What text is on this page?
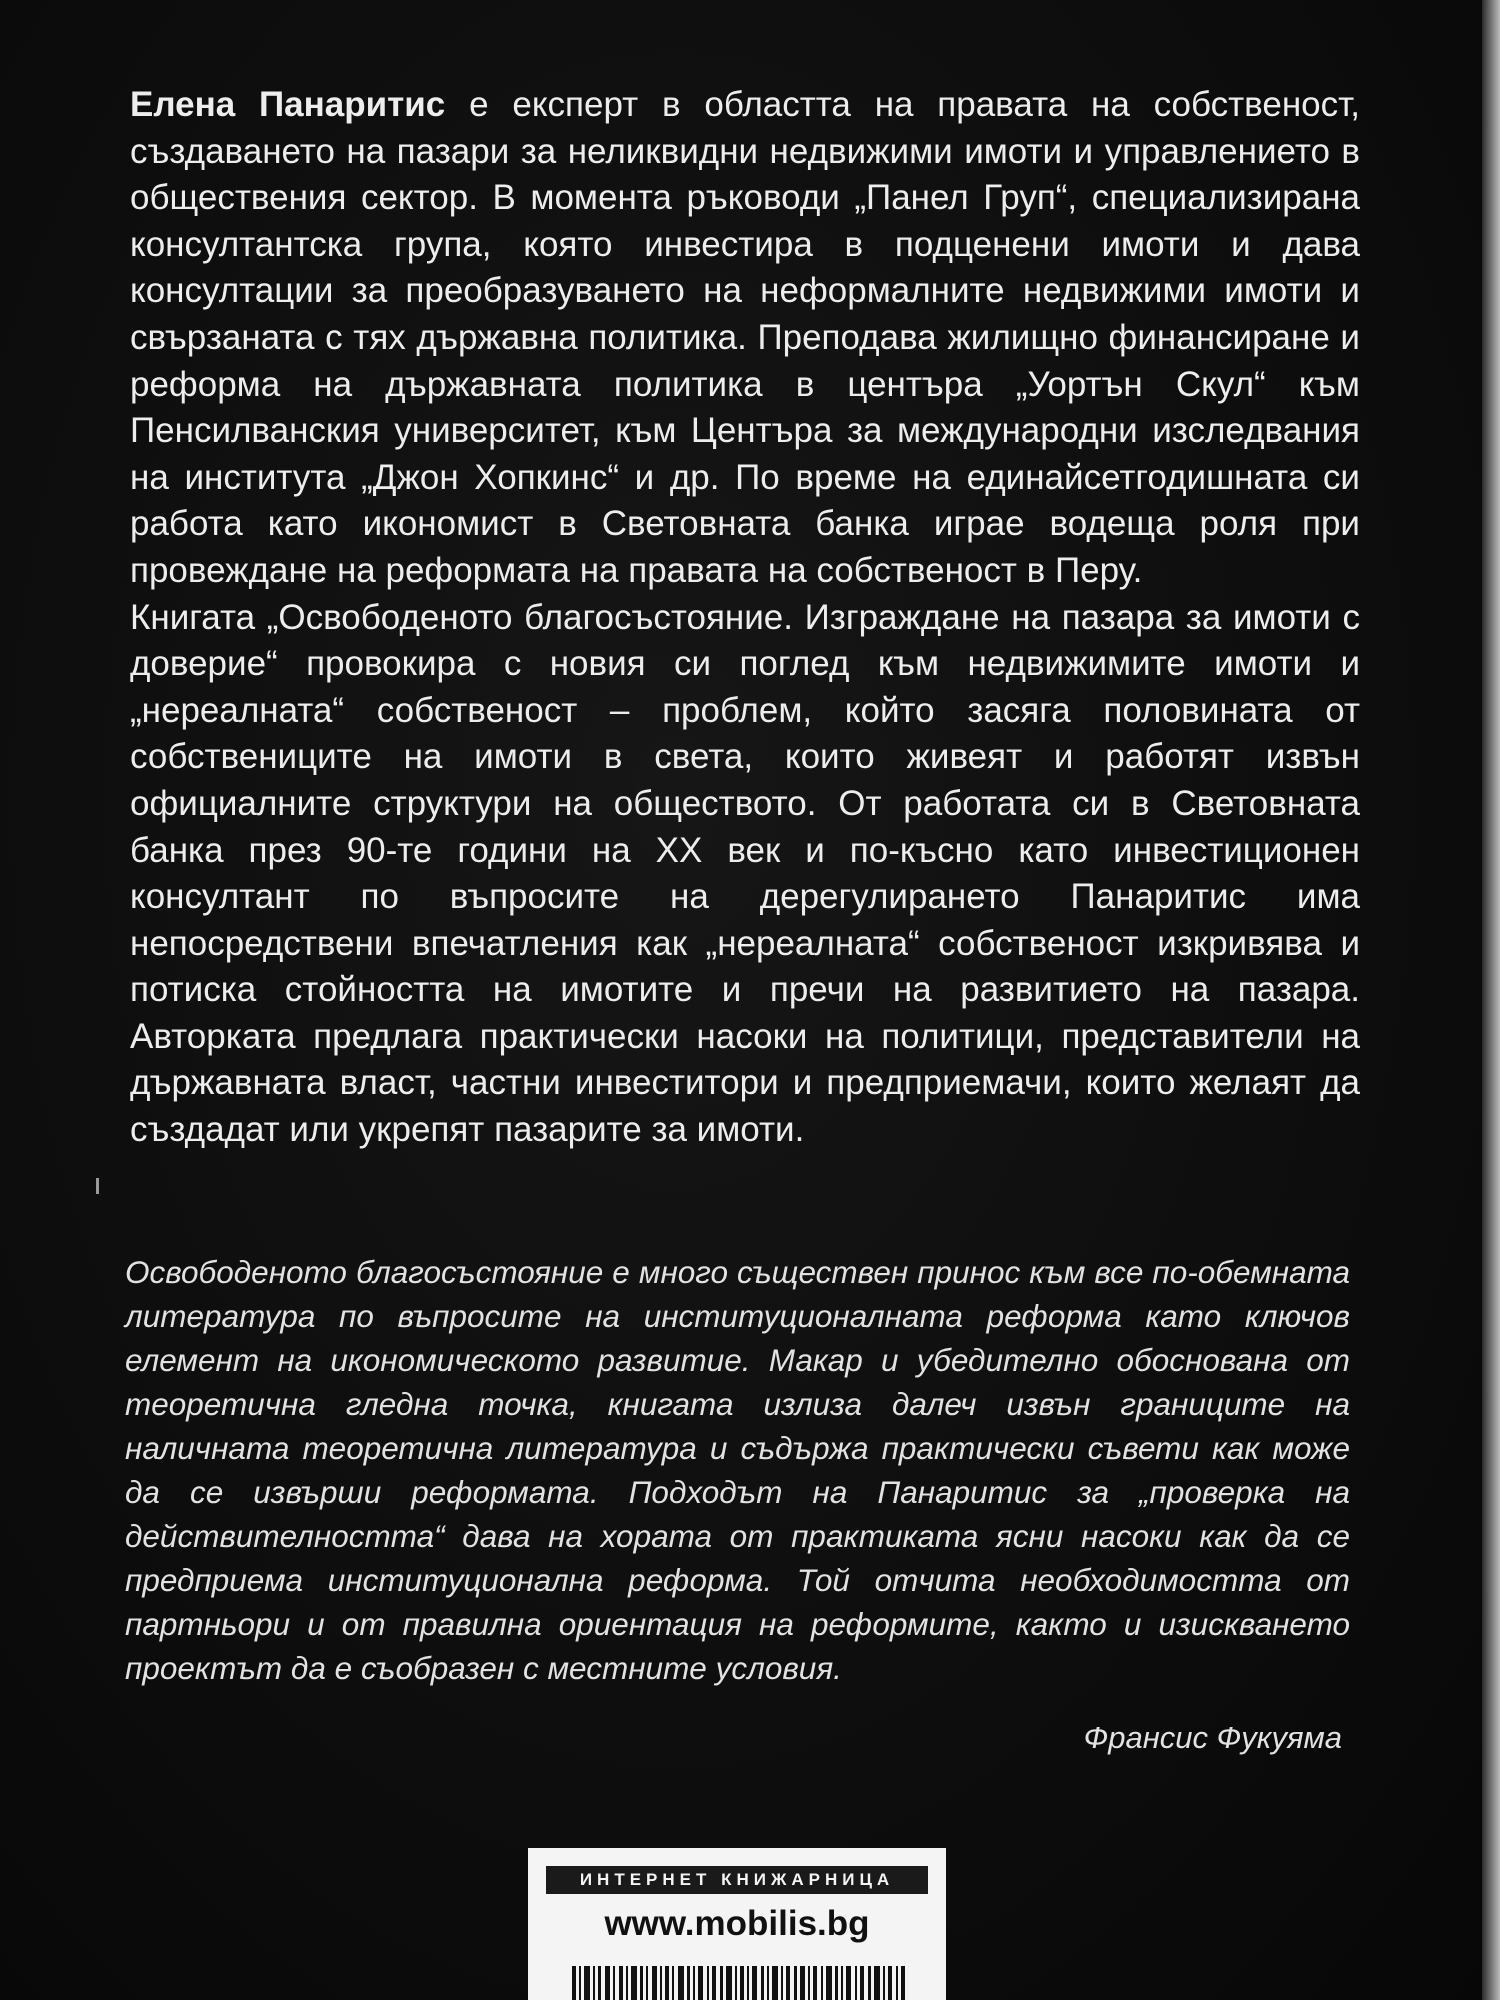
Елена Панаритис е експерт в областта на правата на собственост, създаването на пазари за неликвидни недвижими имоти и управлението в обществения сектор. В момента ръководи „Панел Груп“, специализирана консултантска група, която инвестира в подценени имоти и дава консултации за преобразуването на неформалните недвижими имоти и свързаната с тях държавна политика. Преподава жилищно финансиране и реформа на държавната политика в центъра „Уортън Скул“ към Пенсилванския университет, към Центъра за международни изследвания на института „Джон Хопкинс“ и др. По време на единайсетгодишната си работа като икономист в Световната банка играе водеща роля при провеждане на реформата на правата на собственост в Перу.

Книгата „Освободеното благосъстояние. Изграждане на пазара за имоти с доверие“ провокира с новия си поглед към недвижимите имоти и „нереалната“ собственост – проблем, който засяга половината от собствениците на имоти в света, които живеят и работят извън официалните структури на обществото. От работата си в Световната банка през 90-те години на XX век и по-късно като инвестиционен консултант по въпросите на дерегулирането Панаритис има непосредствени впечатления как „нереалната“ собственост изкривява и потиска стойността на имотите и пречи на развитието на пазара. Авторката предлага практически насоки на политици, представители на държавната власт, частни инвеститори и предприемачи, които желаят да създадат или укрепят пазарите за имоти.

Освободеното благосъстояние е много съществен принос към все по-обемната литература по въпросите на институционалната реформа като ключов елемент на икономическото развитие. Макар и убедително обоснована от теоретична гледна точка, книгата излиза далеч извън границите на наличната теоретична литература и съдържа практически съвети как може да се извърши реформата. Подходът на Панаритис за „проверка на действителността“ дава на хората от практиката ясни насоки как да се предприема институционална реформа. Той отчита необходимостта от партньори и от правилна ориентация на реформите, както и изискването проектът да е съобразен с местните условия.
Франсис Фукуяма
ИНТЕРНЕТ КНИЖАРНИЦА
www.mobilis.bg
